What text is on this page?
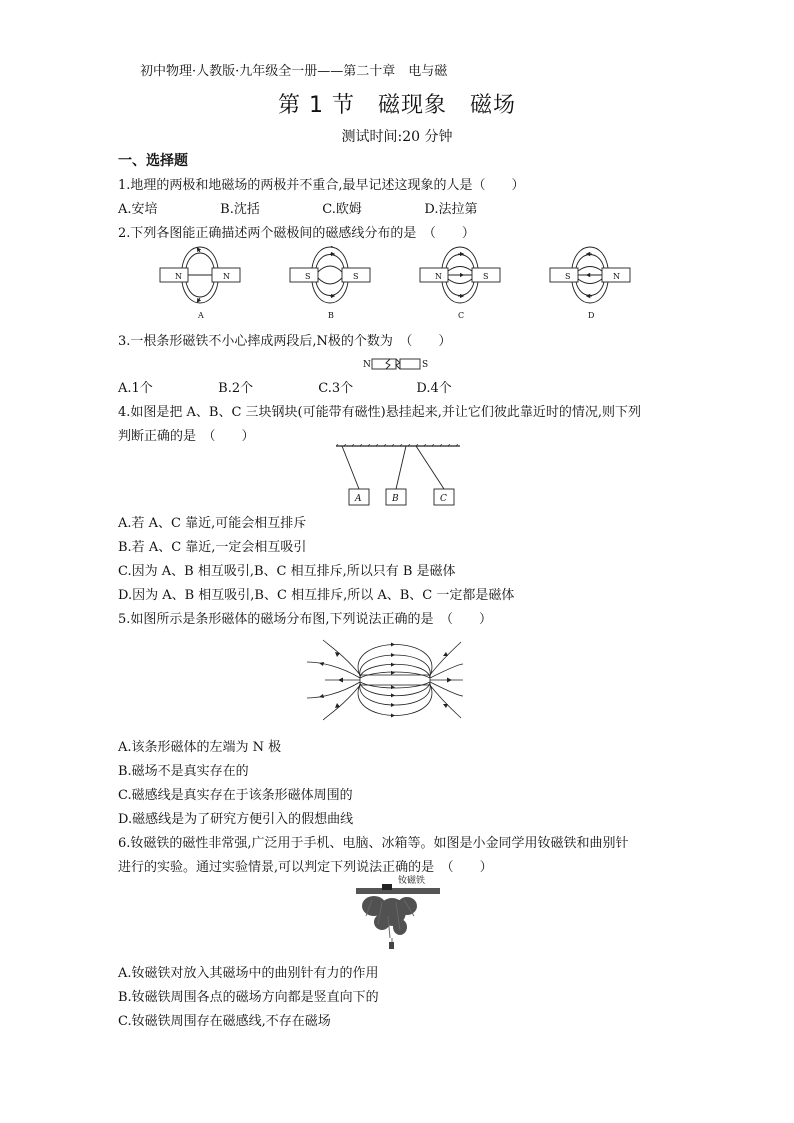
初中物理·人教版·九年级全一册——第二十章　电与磁
第 1 节　磁现象　磁场
测试时间:20 分钟
一、选择题
1.地理的两极和地磁场的两极并不重合,最早记述这现象的人是（　　）
A.安培	B.沈括	C.欧姆	D.法拉第
2.下列各图能正确描述两个磁极间的磁感线分布的是　（　　）
N	N	S	S	N	S	S	N
A	B	C	D
3.一根条形磁铁不小心摔成两段后,N极的个数为　（　　）
N	S
A.1个	B.2个	C.3个	D.4个
4.如图是把 A、B、C 三块钢块(可能带有磁性)悬挂起来,并让它们彼此靠近时的情况,则下列
判断正确的是　（　　）
A	B	C
A.若 A、C 靠近,可能会相互排斥
B.若 A、C 靠近,一定会相互吸引
C.因为 A、B 相互吸引,B、C 相互排斥,所以只有 B 是磁体
D.因为 A、B 相互吸引,B、C 相互排斥,所以 A、B、C 一定都是磁体
5.如图所示是条形磁体的磁场分布图,下列说法正确的是　（　　）
A.该条形磁体的左端为 N 极
B.磁场不是真实存在的
C.磁感线是真实存在于该条形磁体周围的
D.磁感线是为了研究方便引入的假想曲线
6.钕磁铁的磁性非常强,广泛用于手机、电脑、冰箱等。如图是小金同学用钕磁铁和曲别针
进行的实验。通过实验情景,可以判定下列说法正确的是　（　　）
钕磁铁
A.钕磁铁对放入其磁场中的曲别针有力的作用
B.钕磁铁周围各点的磁场方向都是竖直向下的
C.钕磁铁周围存在磁感线,不存在磁场
